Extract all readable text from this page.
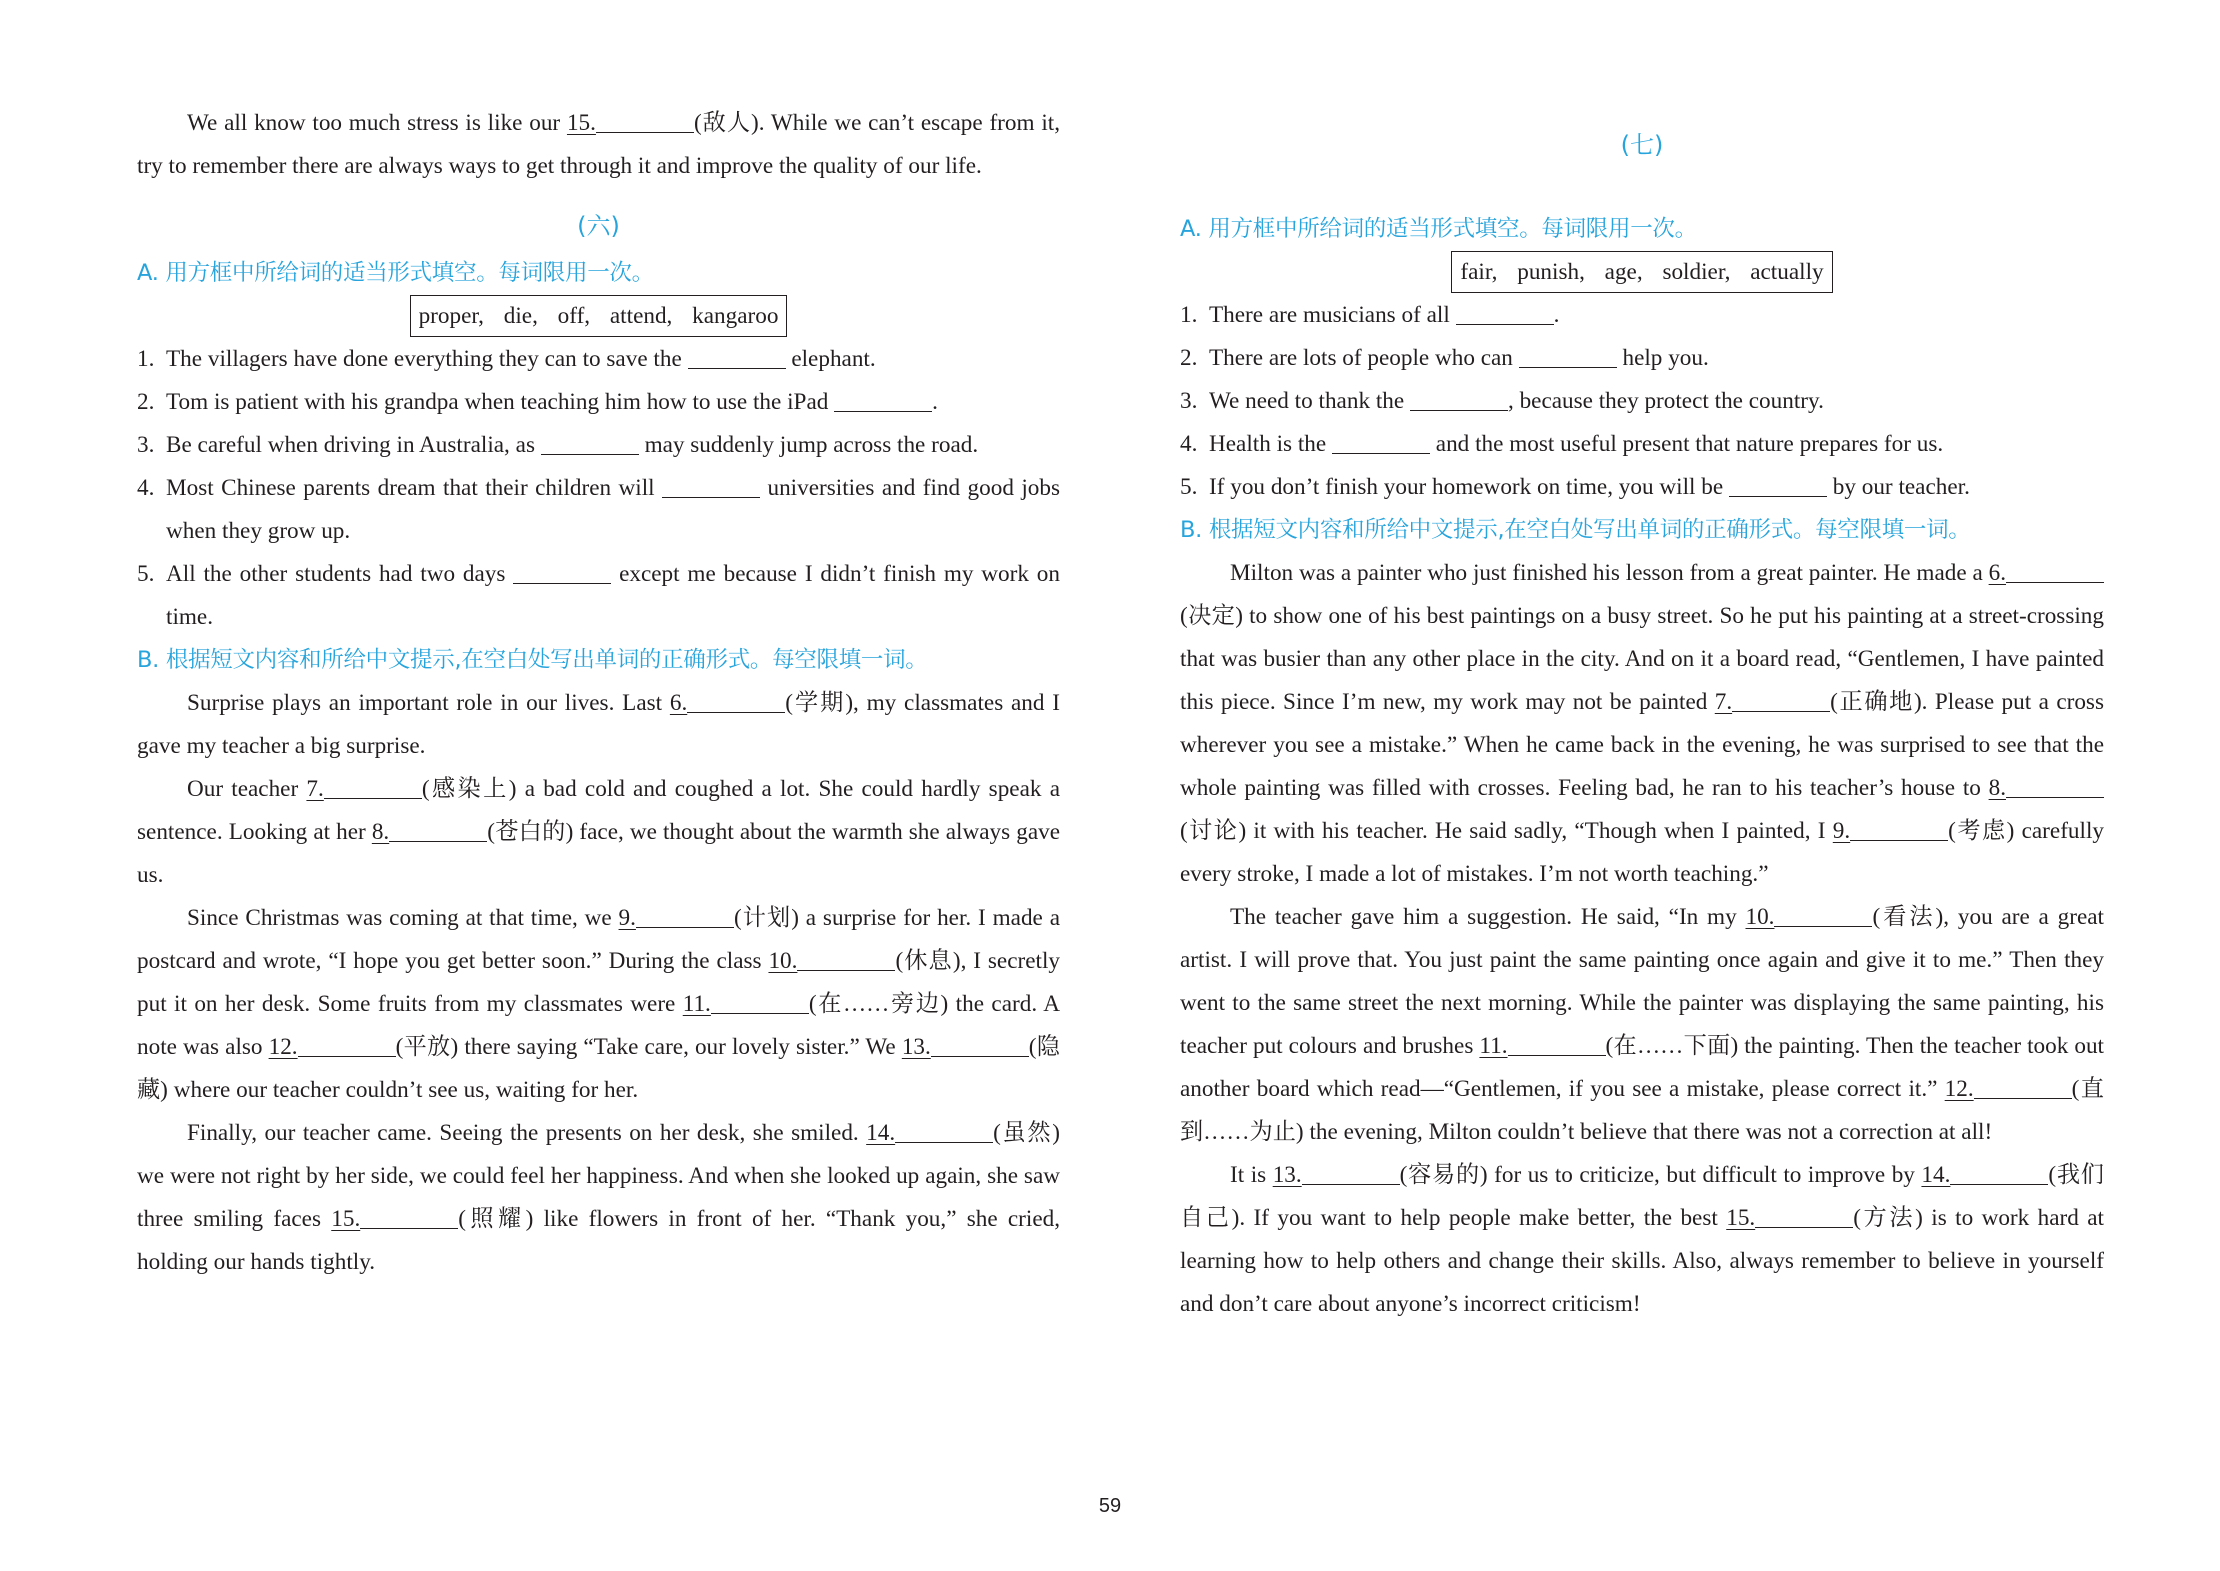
We all know too much stress is like our 15.	(敌人). While we can’t escape from it, try to remember there are always ways to get through it and improve the quality of our life.

(六)

A. 用方框中所给词的适当形式填空。每词限用一次。

proper, die, off, attend, kangaroo

1. The villagers have done everything they can to save the	elephant.

2. Tom is patient with his grandpa when teaching him how to use the iPad	.

3. Be careful when driving in Australia, as	may suddenly jump across the road.

4. Most Chinese parents dream that their children will	universities and find good jobs when they grow up.

5. All the other students had two days	except me because I didn’t finish my work on time.

B. 根据短文内容和所给中文提示,在空白处写出单词的正确形式。每空限填一词。

Surprise plays an important role in our lives. Last 6.	(学期), my classmates and I gave my teacher a big surprise.

Our teacher 7.	(感染上) a bad cold and coughed a lot. She could hardly speak a sentence. Looking at her 8.	(苍白的) face, we thought about the warmth she always gave us.

Since Christmas was coming at that time, we 9.	(计划) a surprise for her. I made a postcard and wrote, “I hope you get better soon.” During the class 10.	(休息), I secretly put it on her desk. Some fruits from my classmates were 11.	(在……旁边) the card. A note was also 12.	(平放) there saying “Take care, our lovely sister.” We 13.	(隐藏) where our teacher couldn’t see us, waiting for her.

Finally, our teacher came. Seeing the presents on her desk, she smiled. 14.	(虽然) we were not right by her side, we could feel her happiness. And when she looked up again, she saw three smiling faces 15.	(照耀) like flowers in front of her. “Thank you,” she cried, holding our hands tightly.

(七)

A. 用方框中所给词的适当形式填空。每词限用一次。

fair, punish, age, soldier, actually

1. There are musicians of all	.

2. There are lots of people who can	help you.

3. We need to thank the	, because they protect the country.

4. Health is the	and the most useful present that nature prepares for us.

5. If you don’t finish your homework on time, you will be	by our teacher.

B. 根据短文内容和所给中文提示,在空白处写出单词的正确形式。每空限填一词。

Milton was a painter who just finished his lesson from a great painter. He made a 6.(决定) to show one of his best paintings on a busy street. So he put his painting at a street-crossing that was busier than any other place in the city. And on it a board read, “Gentlemen, I have painted this piece. Since I’m new, my work may not be painted 7.	(正确地). Please put a cross wherever you see a mistake.” When he came back in the evening, he was surprised to see that the whole painting was filled with crosses. Feeling bad, he ran to his teacher’s house to 8.(讨论) it with his teacher. He said sadly, “Though when I painted, I 9.	(考虑) carefully every stroke, I made a lot of mistakes. I’m not worth teaching.”

The teacher gave him a suggestion. He said, “In my 10.	(看法), you are a great artist. I will prove that. You just paint the same painting once again and give it to me.” Then they went to the same street the next morning. While the painter was displaying the same painting, his teacher put colours and brushes 11.	(在……下面) the painting. Then the teacher took out another board which read—“Gentlemen, if you see a mistake, please correct it.” 12.	(直到……为止) the evening, Milton couldn’t believe that there was not a correction at all!

It is 13.	(容易的) for us to criticize, but difficult to improve by 14.	(我们自己). If you want to help people make better, the best 15.	(方法) is to work hard at learning how to help others and change their skills. Also, always remember to believe in yourself and don’t care about anyone’s incorrect criticism!

59
